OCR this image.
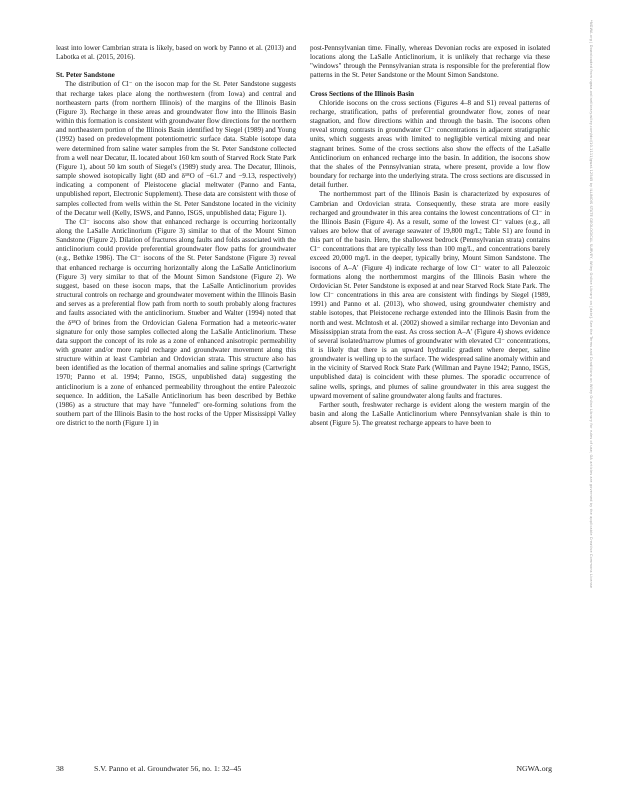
least into lower Cambrian strata is likely, based on work by Panno et al. (2013) and Labotka et al. (2015, 2016).

St. Peter Sandstone

The distribution of Cl⁻ on the isocon map for the St. Peter Sandstone suggests that recharge takes place along the northwestern (from Iowa) and central and northeastern parts (from northern Illinois) of the margins of the Illinois Basin (Figure 3). Recharge in these areas and groundwater flow into the Illinois Basin within this formation is consistent with groundwater flow directions for the northern and northeastern portion of the Illinois Basin identified by Siegel (1989) and Young (1992) based on predevelopment potentiometric surface data. Stable isotope data were determined from saline water samples from the St. Peter Sandstone collected from a well near Decatur, IL located about 160 km south of Starved Rock State Park (Figure 1), about 50 km south of Siegel's (1989) study area. The Decatur, Illinois, sample showed isotopically light (δD and δ¹⁸O of −61.7 and −9.13, respectively) indicating a component of Pleistocene glacial meltwater (Panno and Fanta, unpublished report, Electronic Supplement). These data are consistent with those of samples collected from wells within the St. Peter Sandstone located in the vicinity of the Decatur well (Kelly, ISWS, and Panno, ISGS, unpublished data; Figure 1).

The Cl⁻ isocons also show that enhanced recharge is occurring horizontally along the LaSalle Anticlinorium (Figure 3) similar to that of the Mount Simon Sandstone (Figure 2). Dilation of fractures along faults and folds associated with the anticlinorium could provide preferential groundwater flow paths for groundwater (e.g., Bethke 1986). The Cl⁻ isocons of the St. Peter Sandstone (Figure 3) reveal that enhanced recharge is occurring horizontally along the LaSalle Anticlinorium (Figure 3) very similar to that of the Mount Simon Sandstone (Figure 2). We suggest, based on these isocon maps, that the LaSalle Anticlinorium provides structural controls on recharge and groundwater movement within the Illinois Basin and serves as a preferential flow path from north to south probably along fractures and faults associated with the anticlinorium. Stueber and Walter (1994) noted that the δ¹⁸O of brines from the Ordovician Galena Formation had a meteoric-water signature for only those samples collected along the LaSalle Anticlinorium. These data support the concept of its role as a zone of enhanced anisotropic permeability with greater and/or more rapid recharge and groundwater movement along this structure within at least Cambrian and Ordovician strata. This structure also has been identified as the location of thermal anomalies and saline springs (Cartwright 1970; Panno et al. 1994; Panno, ISGS, unpublished data) suggesting the anticlinorium is a zone of enhanced permeability throughout the entire Paleozoic sequence. In addition, the LaSalle Anticlinorium has been described by Bethke (1986) as a structure that may have "funneled" ore-forming solutions from the southern part of the Illinois Basin to the host rocks of the Upper Mississippi Valley ore district to the north (Figure 1) in

post-Pennsylvanian time. Finally, whereas Devonian rocks are exposed in isolated locations along the LaSalle Anticlinorium, it is unlikely that recharge via these "windows" through the Pennsylvanian strata is responsible for the preferential flow patterns in the St. Peter Sandstone or the Mount Simon Sandstone.

Cross Sections of the Illinois Basin

Chloride isocons on the cross sections (Figures 4–8 and S1) reveal patterns of recharge, stratification, paths of preferential groundwater flow, zones of near stagnation, and flow directions within and through the basin. The isocons often reveal strong contrasts in groundwater Cl⁻ concentrations in adjacent stratigraphic units, which suggests areas with limited to negligible vertical mixing and near stagnant brines. Some of the cross sections also show the effects of the LaSalle Anticlinorium on enhanced recharge into the basin. In addition, the isocons show that the shales of the Pennsylvanian strata, where present, provide a low flow boundary for recharge into the underlying strata. The cross sections are discussed in detail further.

The northernmost part of the Illinois Basin is characterized by exposures of Cambrian and Ordovician strata. Consequently, these strata are more easily recharged and groundwater in this area contains the lowest concentrations of Cl⁻ in the Illinois Basin (Figure 4). As a result, some of the lowest Cl⁻ values (e.g., all values are below that of average seawater of 19,800 mg/L; Table S1) are found in this part of the basin. Here, the shallowest bedrock (Pennsylvanian strata) contains Cl⁻ concentrations that are typically less than 100 mg/L, and concentrations barely exceed 20,000 mg/L in the deeper, typically briny, Mount Simon Sandstone. The isocons of A–A′ (Figure 4) indicate recharge of low Cl⁻ water to all Paleozoic formations along the northernmost margins of the Illinois Basin where the Ordovician St. Peter Sandstone is exposed at and near Starved Rock State Park. The low Cl⁻ concentrations in this area are consistent with findings by Siegel (1989, 1991) and Panno et al. (2013), who showed, using groundwater chemistry and stable isotopes, that Pleistocene recharge extended into the Illinois Basin from the north and west. McIntosh et al. (2002) showed a similar recharge into Devonian and Mississippian strata from the east. As cross section A–A′ (Figure 4) shows evidence of several isolated/narrow plumes of groundwater with elevated Cl⁻ concentrations, it is likely that there is an upward hydraulic gradient where deeper, saline groundwater is welling up to the surface. The widespread saline anomaly within and in the vicinity of Starved Rock State Park (Willman and Payne 1942; Panno, ISGS, unpublished data) is coincident with these plumes. The sporadic occurrence of saline wells, springs, and plumes of saline groundwater in this area suggest the upward movement of saline groundwater along faults and fractures.

Farther south, freshwater recharge is evident along the western margin of the basin and along the LaSalle Anticlinorium where Pennsylvanian shale is thin to absent (Figure 5). The greatest recharge appears to have been to

38	S.V. Panno et al. Groundwater 56, no. 1: 32–45	NGWA.org
*NGWA.org | Downloaded from ngwa.onlinelibrary.wiley.com/doi/10.1111/gwat.12545 by ILLINOIS STATE GEOLOGICAL SURVEY, Wiley Online Library on [date]. See the Terms and Conditions on Wiley Online Library for rules of use; OA articles are governed by the applicable Creative Commons License
